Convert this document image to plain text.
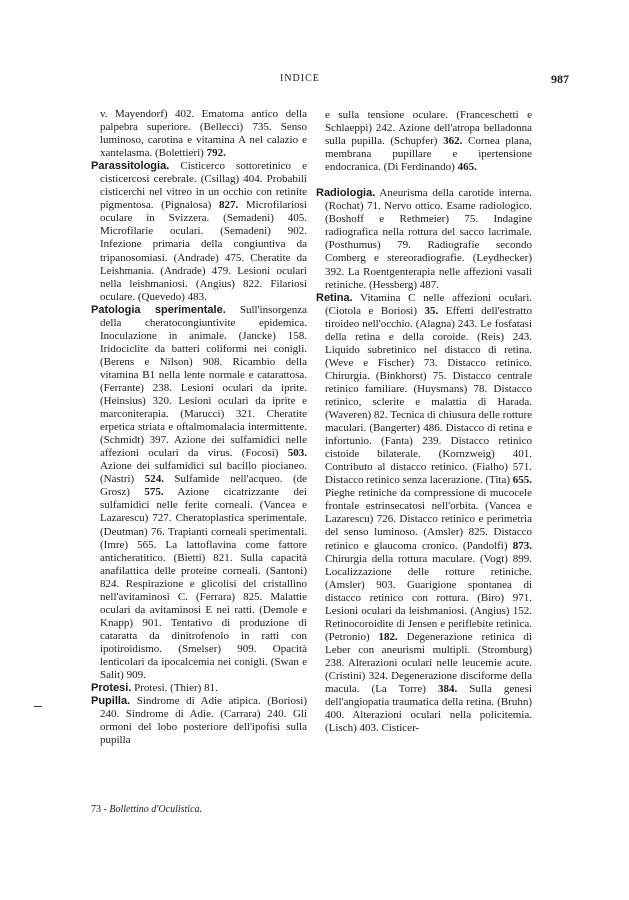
INDICE	987

v. Mayendorf) 402. Ematoma antico della palpebra superiore. (Bellecci) 735. Senso luminoso, carotina e vitamina A nel calazio e xantelasma. (Bolettieri) 792.

Parassitologia. Cisticerco sottoretinico e cisticercosi cerebrale. (Csillag) 404. Probabili cisticerchi nel vitreo in un occhio con retinite pigmentosa. (Pignalosa) 827. Microfilariosi oculare in Svizzera. (Semadeni) 405. Microfilarie oculari. (Semadeni) 902. Infezione primaria della congiuntiva da tripanosomiasi. (Andrade) 475. Cheratite da Leishmania. (Andrade) 479. Lesioni oculari nella leishmaniosi. (Angius) 822. Filariosi oculare. (Quevedo) 483.

Patologia sperimentale. Sull'insorgenza della cheratocongiuntivite epidemica. Inoculazione in animale. (Jancke) 158. Iridociclite da batteri coliformi nei conigli. (Berens e Nilson) 908. Ricambio della vitamina B1 nella lente normale e catarattosa. (Ferrante) 238. Lesioni oculari da iprite. (Heinsius) 320. Lesioni oculari da iprite e marconiterapia. (Marucci) 321. Cheratite erpetica striata e oftalmomalacia intermittente. (Schmidt) 397. Azione dei sulfamidici nelle affezioni oculari da virus. (Focosi) 503. Azione dei sulfamidici sul bacillo piocianeo. (Nastri) 524. Sulfamide nell'acqueo. (de Grosz) 575. Azione cicatrizzante dei sulfamidici nelle ferite corneali. (Vancea e Lazarescu) 727. Cheratoplastica sperimentale. (Deutman) 76. Trapianti corneali sperimentali. (Imre) 565. La lattoflavina come fattore anticheratitico. (Bietti) 821. Sulla capacità anafilattica delle proteine corneali. (Santoni) 824. Respirazione e glicolisi del cristallino nell'avitaminosi C. (Ferrara) 825. Malattie oculari da avitaminosi E nei ratti. (Demole e Knapp) 901. Tentativo di produzione di cataratta da dinitrofenolo in ratti con ipotiroidismo. (Smelser) 909. Opacità lenticolari da ipocalcemia nei conigli. (Swan e Salit) 909.

Protesi. Protesi. (Thier) 81.

Pupilla. Sindrome di Adie atipica. (Boriosi) 240. Sindrome di Adie. (Carrara) 240. Gli ormoni del lobo posteriore dell'ipofisi sulla pupilla

e sulla tensione oculare. (Franceschetti e Schlaeppi) 242. Azione dell'atropa belladonna sulla pupilla. (Schupfer) 362. Cornea plana, membrana pupillare e ipertensione endocranica. (Di Ferdinando) 465.

Radiologia. Aneurisma della carotide interna. (Rochat) 71. Nervo ottico. Esame radiologico. (Boshoff e Rethmeier) 75. Indagine radiografica nella rottura del sacco lacrimale. (Posthumus) 79. Radiografie secondo Comberg e stereoradiografie. (Leydhecker) 392. La Roentgenterapia nelle affezioni vasali retiniche. (Hessberg) 487.

Retina. Vitamina C nelle affezioni oculari. (Ciotola e Boriosi) 35. Effetti dell'estratto tiroideo nell'occhio. (Alagna) 243. Le fosfatasi della retina e della coroide. (Reis) 243. Liquido subretinico nel distacco di retina. (Weve e Fischer) 73. Distacco retinico. Chirurgia. (Binkhorst) 75. Distacco centrale retinico familiare. (Huysmans) 78. Distacco retinico, sclerite e malattia di Harada. (Waveren) 82. Tecnica di chiusura delle rotture maculari. (Bangerter) 486. Distacco di retina e infortunio. (Fanta) 239. Distacco retinico cistoide bilaterale. (Kornzweig) 401. Contributo al distacco retinico. (Fialho) 571. Distacco retinico senza lacerazione. (Tita) 655. Pieghe retiniche da compressione di mucocele frontale estrinsecatosi nell'orbita. (Vancea e Lazarescu) 726. Distacco retinico e perimetria del senso luminoso. (Amsler) 825. Distacco retinico e glaucoma cronico. (Pandolfi) 873. Chirurgia della rottura maculare. (Vogt) 899. Localizzazione delle rotture retiniche. (Amsler) 903. Guarigione spontanea di distacco retinico con rottura. (Biro) 971. Lesioni oculari da leishmaniosi. (Angius) 152. Retinocoroidite di Jensen e periflebite retinica. (Petronio) 182. Degenerazione retinica di Leber con aneurismi multipli. (Stromburg) 238. Alterazioni oculari nelle leucemie acute. (Cristini) 324. Degenerazione disciforme della macula. (La Torre) 384. Sulla genesi dell'angiopatia traumatica della retina. (Bruhn) 400. Alterazioni oculari nella policitemia. (Lisch) 403. Cisticer-

73 - Bollettino d'Oculistica.
